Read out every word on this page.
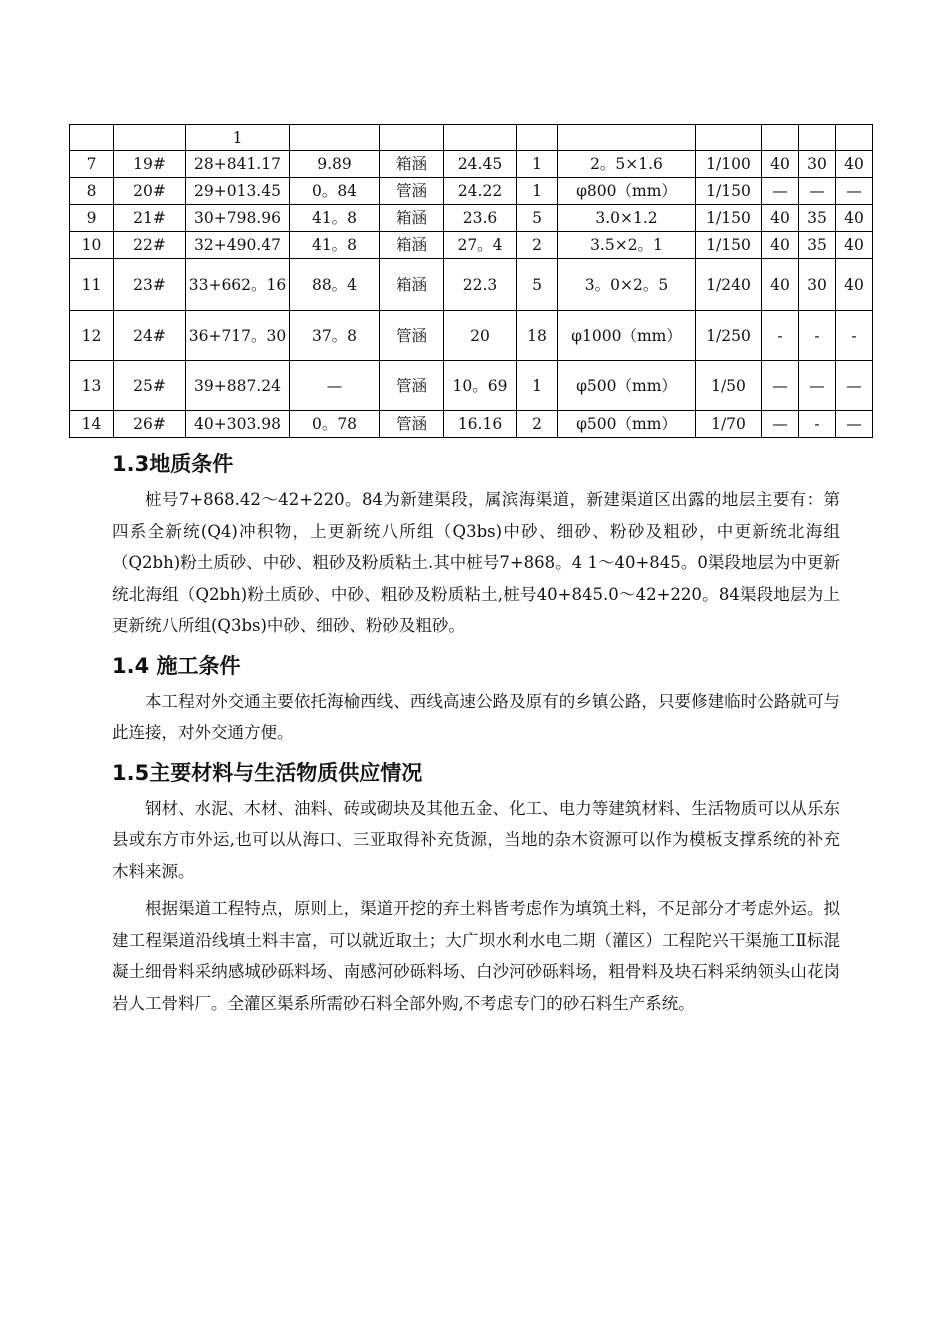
		1									
7	19#	28+841.17	9.89	箱涵	24.45	1	2。5×1.6	1/100	40	30	40
8	20#	29+013.45	0。84	管涵	24.22	1	φ800（mm）	1/150	—	—	—
9	21#	30+798.96	41。8	箱涵	23.6	5	3.0×1.2	1/150	40	35	40
10	22#	32+490.47	41。8	箱涵	27。4	2	3.5×2。1	1/150	40	35	40
11	23#	33+662。16	88。4	箱涵	22.3	5	3。0×2。5	1/240	40	30	40
12	24#	36+717。30	37。8	管涵	20	18	φ1000（mm）	1/250	-	-	-
13	25#	39+887.24	—	管涵	10。69	1	φ500（mm）	1/50	—	—	—
14	26#	40+303.98	0。78	管涵	16.16	2	φ500（mm）	1/70	—	-	—
1.3地质条件

桩号7+868.42～42+220。84为新建渠段，属滨海渠道，新建渠道区出露的地层主要有：第四系全新统(Q4)冲积物，上更新统八所组（Q3bs)中砂、细砂、粉砂及粗砂，中更新统北海组（Q2bh)粉土质砂、中砂、粗砂及粉质粘土.其中桩号7+868。4 1～40+845。0渠段地层为中更新统北海组（Q2bh)粉土质砂、中砂、粗砂及粉质粘土,桩号40+845.0～42+220。84渠段地层为上更新统八所组(Q3bs)中砂、细砂、粉砂及粗砂。

1.4 施工条件

本工程对外交通主要依托海榆西线、西线高速公路及原有的乡镇公路，只要修建临时公路就可与此连接，对外交通方便。

1.5主要材料与生活物质供应情况

钢材、水泥、木材、油料、砖或砌块及其他五金、化工、电力等建筑材料、生活物质可以从乐东县或东方市外运,也可以从海口、三亚取得补充货源，当地的杂木资源可以作为模板支撑系统的补充木料来源。

根据渠道工程特点，原则上，渠道开挖的弃土料皆考虑作为填筑土料，不足部分才考虑外运。拟建工程渠道沿线填土料丰富，可以就近取土；大广坝水利水电二期（灌区）工程陀兴干渠施工Ⅱ标混凝土细骨料采纳感城砂砾料场、南感河砂砾料场、白沙河砂砾料场，粗骨料及块石料采纳领头山花岗岩人工骨料厂。全灌区渠系所需砂石料全部外购,不考虑专门的砂石料生产系统。
